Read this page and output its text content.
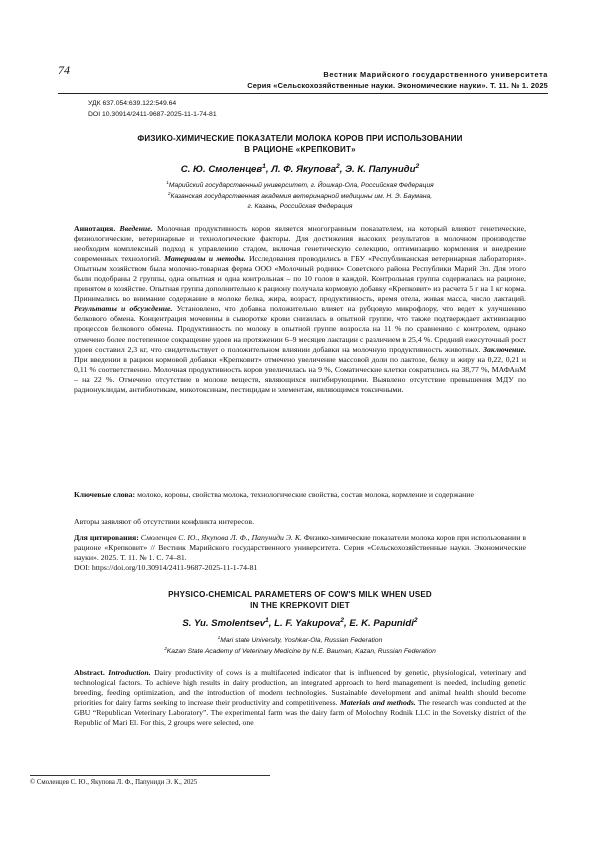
74	Вестник Марийского государственного университета
Серия «Сельскохозяйственные науки. Экономические науки». Т. 11. № 1. 2025
УДК 637.054:639.122:549.64
DOI 10.30914/2411-9687-2025-11-1-74-81
ФИЗИКО-ХИМИЧЕСКИЕ ПОКАЗАТЕЛИ МОЛОКА КОРОВ ПРИ ИСПОЛЬЗОВАНИИ
В РАЦИОНЕ «КРЕПКОВИТ»
С. Ю. Смоленцев1, Л. Ф. Якупова2, Э. К. Папуниди2
1Марийский государственный университет, г. Йошкар-Ола, Российская Федерация
2Казанская государственная академия ветеринарной медицины им. Н. Э. Баумана,
г. Казань, Российская Федерация
Аннотация. Введение. Молочная продуктивность коров является многогранным показателем, на который влияют генетические, физиологические, ветеринарные и технологические факторы. Для достижения высоких результатов в молочном производстве необходим комплексный подход к управлению стадом, включая генетическую селекцию, оптимизацию кормления и внедрение современных технологий. Материалы и методы. Исследования проводились в ГБУ «Республиканская ветеринарная лаборатория». Опытным хозяйством была молочно-товарная ферма ООО «Молочный родник» Советского района Республики Марий Эл. Для этого были подобраны 2 группы, одна опытная и одна контрольная – по 10 голов в каждой. Контрольная группа содержалась на рационе, принятом в хозяйстве. Опытная группа дополнительно к рациону получала кормовую добавку «Крепковит» из расчета 5 г на 1 кг корма. Принимались во внимание содержание в молоке белка, жира, возраст, продуктивность, время отела, живая масса, число лактаций. Результаты и обсуждение. Установлено, что добавка положительно влияет на рубцовую микрофлору, что ведет к улучшению белкового обмена. Концентрация мочевины в сыворотке крови снизилась в опытной группе, что также подтверждает активизацию процессов белкового обмена. Продуктивность по молоку в опытной группе возросла на 11 % по сравнению с контролем, однако отмечено более постепенное сокращение удоев на протяжении 6–9 месяцев лактации с различием в 25,4 %. Средний ежесуточный рост удоев составил 2,3 кг, что свидетельствует о положительном влиянии добавки на молочную продуктивность животных. Заключение. При введении в рацион кормовой добавки «Крепковит» отмечено увеличение массовой доли по лактозе, белку и жиру на 0,22, 0,21 и 0,11 % соответственно. Молочная продуктивность коров увеличилась на 9 %, Соматические клетки сократились на 38,77 %, МАФАнМ – на 22 %. Отмечено отсутствие в молоке веществ, являющихся ингибирующими. Выявлено отсутствие превышения МДУ по радионуклидам, антибиотикам, микотоксинам, пестицидам и элементам, являющимся токсичными.
Ключевые слова: молоко, коровы, свойства молока, технологические свойства, состав молока, кормление и содержание
Авторы заявляют об отсутствии конфликта интересов.
Для цитирования: Смоленцев С. Ю., Якупова Л. Ф., Папуниди Э. К. Физико-химические показатели молока коров при использовании в рационе «Крепковит» // Вестник Марийского государственного университета. Серия «Сельскохозяйственные науки. Экономические науки». 2025. Т. 11. № 1. С. 74–81.
DOI: https://doi.org/10.30914/2411-9687-2025-11-1-74-81
PHYSICO-CHEMICAL PARAMETERS OF COW'S MILK WHEN USED
IN THE KREPKOVIT DIET
S. Yu. Smolentsev1, L. F. Yakupova2, E. K. Papunidi2
1Mari state University, Yoshkar-Ola, Russian Federation
2Kazan State Academy of Veterinary Medicine by N.E. Bauman, Kazan, Russian Federation
Abstract. Introduction. Dairy productivity of cows is a multifaceted indicator that is influenced by genetic, physiological, veterinary and technological factors. To achieve high results in dairy production, an integrated approach to herd management is needed, including genetic breeding, feeding optimization, and the introduction of modern technologies. Sustainable development and animal health should become priorities for dairy farms seeking to increase their productivity and competitiveness. Materials and methods. The research was conducted at the GBU “Republican Veterinary Laboratory”. The experimental farm was the dairy farm of Molochny Rodnik LLC in the Sovetsky district of the Republic of Mari El. For this, 2 groups were selected, one
© Смоленцев С. Ю., Якупова Л. Ф., Папуниди Э. К., 2025
